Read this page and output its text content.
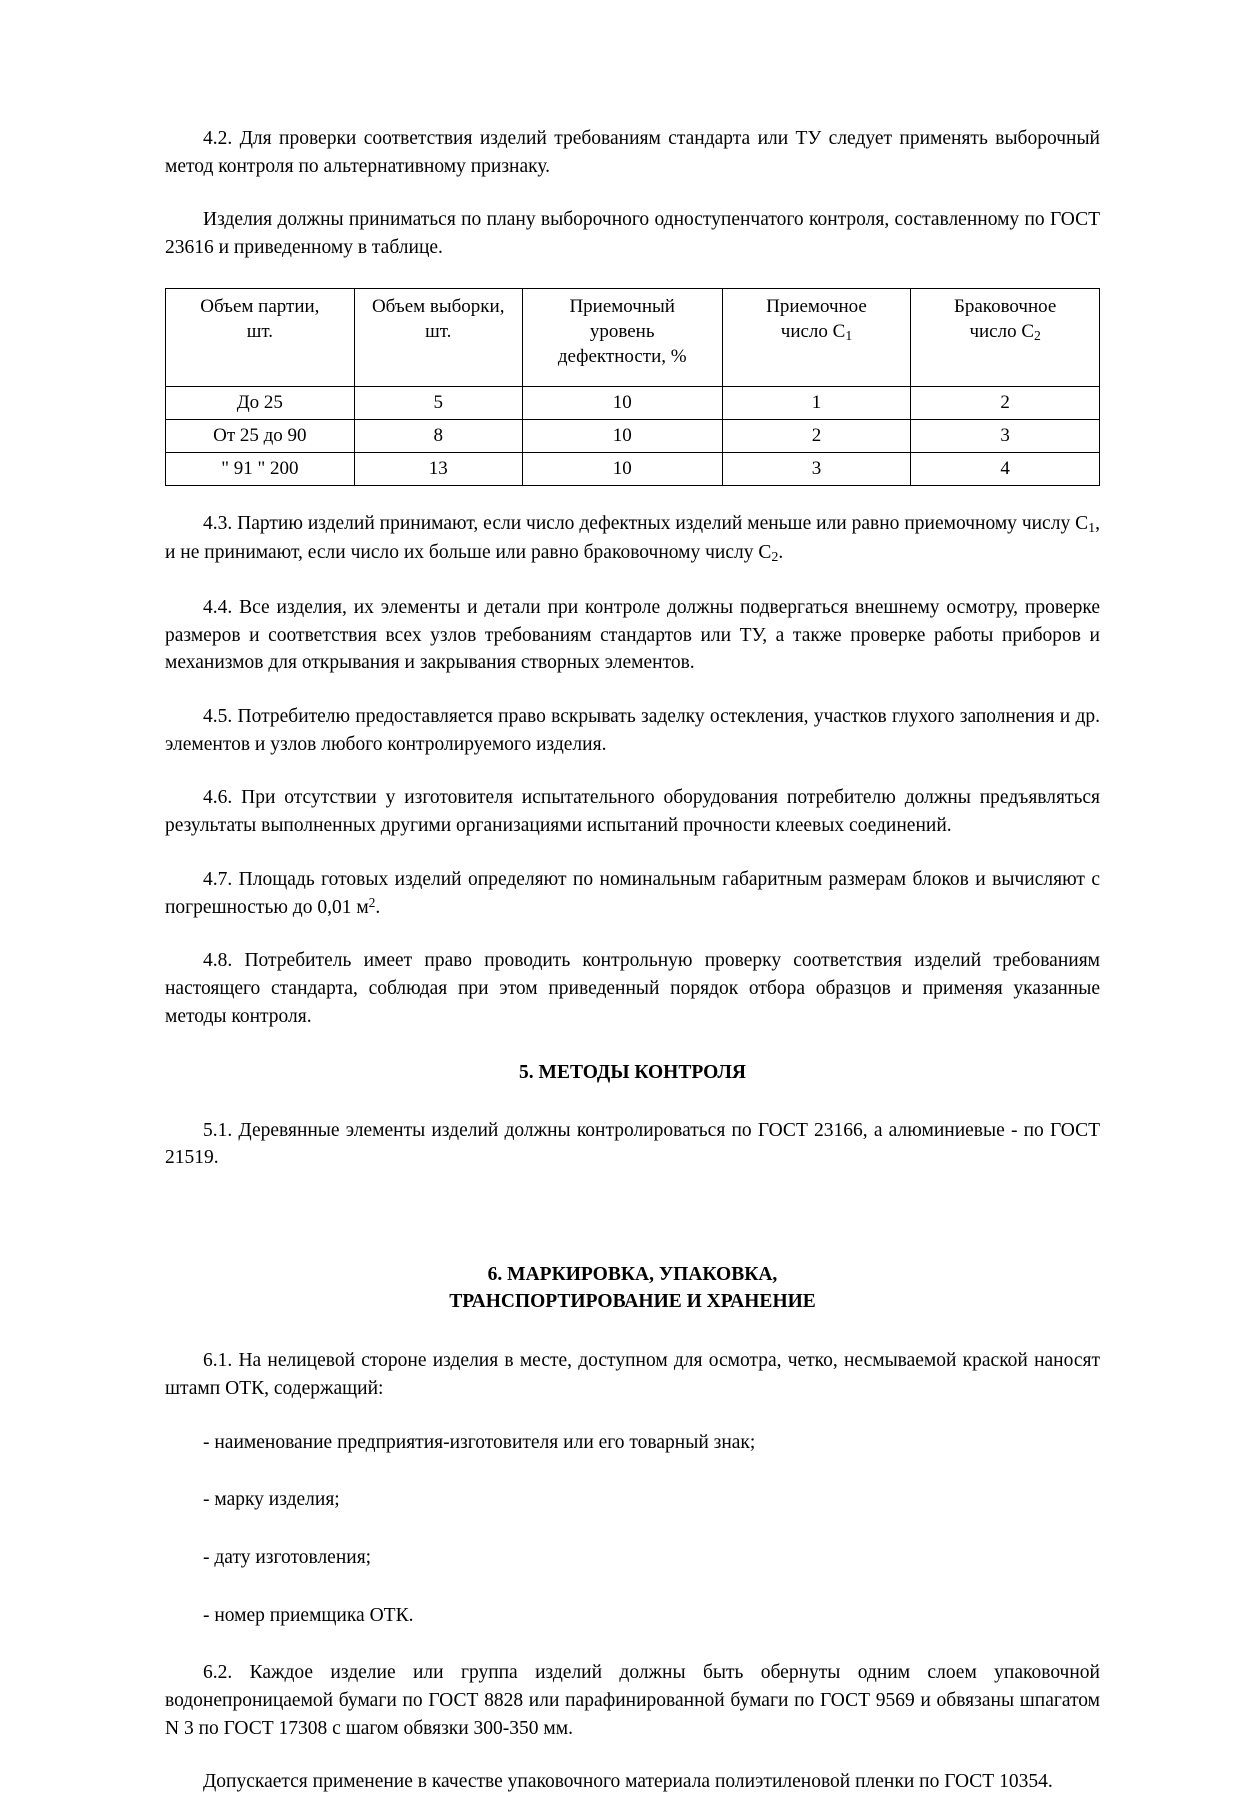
4.2. Для проверки соответствия изделий требованиям стандарта или ТУ следует применять выборочный метод контроля по альтернативному признаку.

Изделия должны приниматься по плану выборочного одноступенчатого контроля, составленному по ГОСТ 23616 и приведенному в таблице.

Объем партии,
шт.	Объем выборки,
шт.	Приемочный
уровень
дефектности, %	Приемочное
число $С_1$	Браковочное
число $С_2$
До 25	5	10	1	2
От 25 до 90	8	10	2	3
" 91 " 200	13	10	3	4

4.3. Партию изделий принимают, если число дефектных изделий меньше или равно приемочному числу $С_1$, и не принимают, если число их больше или равно браковочному числу $С_2$.

4.4. Все изделия, их элементы и детали при контроле должны подвергаться внешнему осмотру, проверке размеров и соответствия всех узлов требованиям стандартов или ТУ, а также проверке работы приборов и механизмов для открывания и закрывания створных элементов.

4.5. Потребителю предоставляется право вскрывать заделку остекления, участков глухого заполнения и др. элементов и узлов любого контролируемого изделия.

4.6. При отсутствии у изготовителя испытательного оборудования потребителю должны предъявляться результаты выполненных другими организациями испытаний прочности клеевых соединений.

4.7. Площадь готовых изделий определяют по номинальным габаритным размерам блоков и вычисляют с погрешностью до 0,01 $м^2$.

4.8. Потребитель имеет право проводить контрольную проверку соответствия изделий требованиям настоящего стандарта, соблюдая при этом приведенный порядок отбора образцов и применяя указанные методы контроля.

5. МЕТОДЫ КОНТРОЛЯ

5.1. Деревянные элементы изделий должны контролироваться по ГОСТ 23166, а алюминиевые - по ГОСТ 21519.

6. МАРКИРОВКА, УПАКОВКА,

ТРАНСПОРТИРОВАНИЕ И ХРАНЕНИЕ

6.1. На нелицевой стороне изделия в месте, доступном для осмотра, четко, несмываемой краской наносят штамп ОТК, содержащий:

- наименование предприятия-изготовителя или его товарный знак;

- марку изделия;

- дату изготовления;

- номер приемщика ОТК.

6.2. Каждое изделие или группа изделий должны быть обернуты одним слоем упаковочной водонепроницаемой бумаги по ГОСТ 8828 или парафинированной бумаги по ГОСТ 9569 и обвязаны шпагатом N 3 по ГОСТ 17308 с шагом обвязки 300-350 мм.

Допускается применение в качестве упаковочного материала полиэтиленовой пленки по ГОСТ 10354.
